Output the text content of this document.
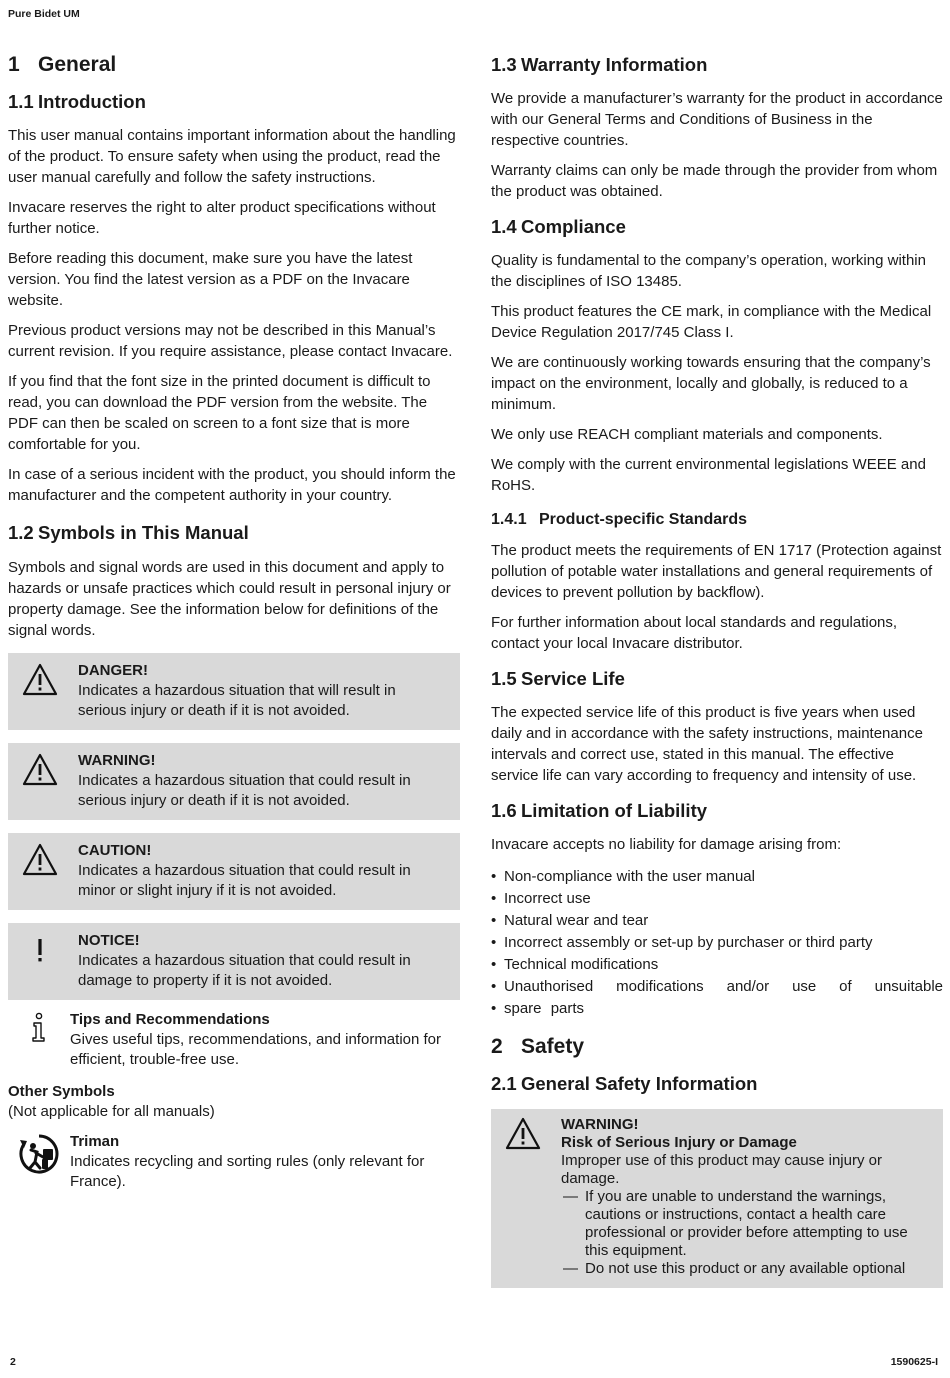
Pure Bidet UM
1 General
1.1 Introduction

This user manual contains important information about the handling of the product. To ensure safety when using the product, read the user manual carefully and follow the safety instructions.

Invacare reserves the right to alter product specifications without further notice.

Before reading this document, make sure you have the latest version. You find the latest version as a PDF on the Invacare website.

Previous product versions may not be described in this Manual’s current revision. If you require assistance, please contact Invacare.

If you find that the font size in the printed document is difficult to read, you can download the PDF version from the website. The PDF can then be scaled on screen to a font size that is more comfortable for you.

In case of a serious incident with the product, you should inform the manufacturer and the competent authority in your country.

1.2 Symbols in This Manual

Symbols and signal words are used in this document and apply to hazards or unsafe practices which could result in personal injury or property damage. See the information below for definitions of the signal words.

DANGER!
Indicates a hazardous situation that will result in serious injury or death if it is not avoided.
WARNING!
Indicates a hazardous situation that could result in serious injury or death if it is not avoided.
CAUTION!
Indicates a hazardous situation that could result in minor or slight injury if it is not avoided.
NOTICE!
Indicates a hazardous situation that could result in damage to property if it is not avoided.
Tips and Recommendations
Gives useful tips, recommendations, and information for efficient, trouble-free use.
Other Symbols
(Not applicable for all manuals)
Triman
Indicates recycling and sorting rules (only relevant for France).
1.3 Warranty Information

We provide a manufacturer’s warranty for the product in accordance with our General Terms and Conditions of Business in the respective countries.

Warranty claims can only be made through the provider from whom the product was obtained.

1.4 Compliance

Quality is fundamental to the company’s operation, working within the disciplines of ISO 13485.

This product features the CE mark, in compliance with the Medical Device Regulation 2017/745 Class I.

We are continuously working towards ensuring that the company’s impact on the environment, locally and globally, is reduced to a minimum.

We only use REACH compliant materials and components.

We comply with the current environmental legislations WEEE and RoHS.

1.4.1 Product-specific Standards

The product meets the requirements of EN 1717 (Protection against pollution of potable water installations and general requirements of devices to prevent pollution by backflow).

For further information about local standards and regulations, contact your local Invacare distributor.

1.5 Service Life

The expected service life of this product is five years when used daily and in accordance with the safety instructions, maintenance intervals and correct use, stated in this manual. The effective service life can vary according to frequency and intensity of use.

1.6 Limitation of Liability

Invacare accepts no liability for damage arising from:

• Non-compliance with the user manual
• Incorrect use
• Natural wear and tear
• Incorrect assembly or set-up by purchaser or third party
• Technical modifications
• Unauthorised modifications and/or use of unsuitable
• spare parts
2 Safety
2.1 General Safety Information
WARNING!
Risk of Serious Injury or Damage
Improper use of this product may cause injury or damage.
— If you are unable to understand the warnings, cautions or instructions, contact a health care professional or provider before attempting to use this equipment.
— Do not use this product or any available optional
2	1590625-I
